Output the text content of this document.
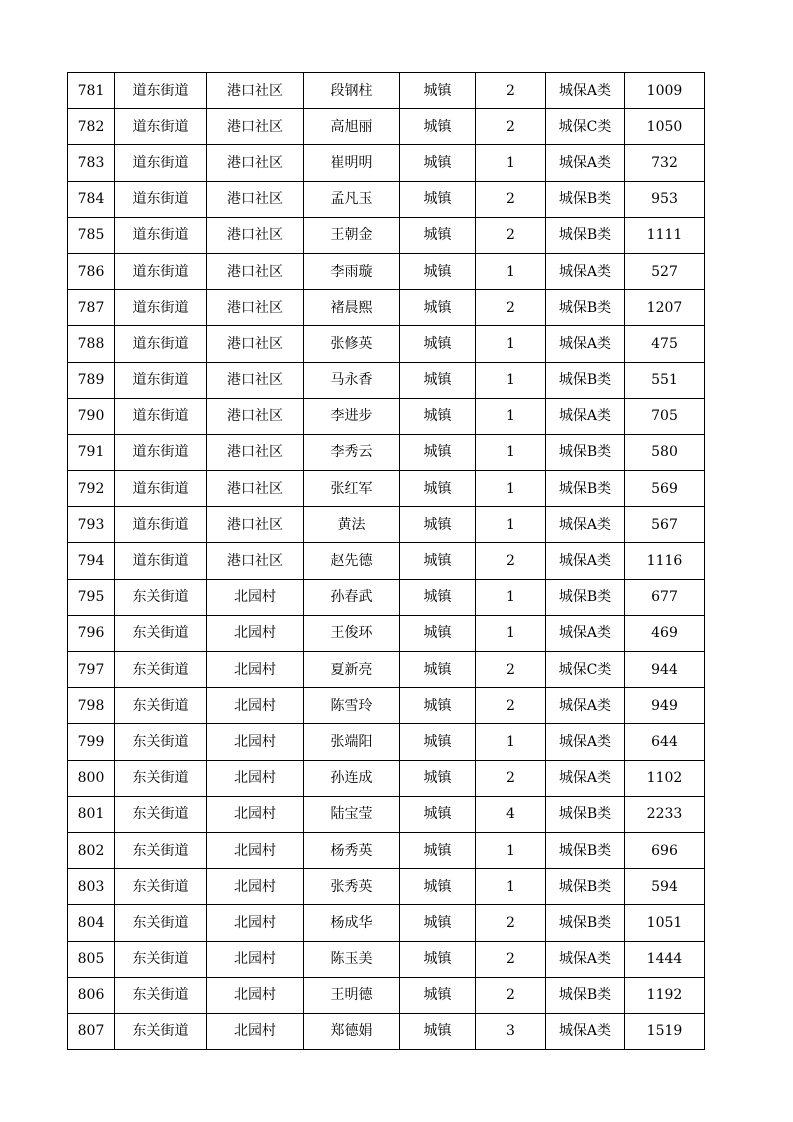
781	道东街道	港口社区	段钢柱	城镇	2	城保A类	1009
782	道东街道	港口社区	高旭丽	城镇	2	城保C类	1050
783	道东街道	港口社区	崔明明	城镇	1	城保A类	732
784	道东街道	港口社区	孟凡玉	城镇	2	城保B类	953
785	道东街道	港口社区	王朝金	城镇	2	城保B类	1111
786	道东街道	港口社区	李雨璇	城镇	1	城保A类	527
787	道东街道	港口社区	褚晨熙	城镇	2	城保B类	1207
788	道东街道	港口社区	张修英	城镇	1	城保A类	475
789	道东街道	港口社区	马永香	城镇	1	城保B类	551
790	道东街道	港口社区	李进步	城镇	1	城保A类	705
791	道东街道	港口社区	李秀云	城镇	1	城保B类	580
792	道东街道	港口社区	张红军	城镇	1	城保B类	569
793	道东街道	港口社区	黄法	城镇	1	城保A类	567
794	道东街道	港口社区	赵先德	城镇	2	城保A类	1116
795	东关街道	北园村	孙春武	城镇	1	城保B类	677
796	东关街道	北园村	王俊环	城镇	1	城保A类	469
797	东关街道	北园村	夏新亮	城镇	2	城保C类	944
798	东关街道	北园村	陈雪玲	城镇	2	城保A类	949
799	东关街道	北园村	张端阳	城镇	1	城保A类	644
800	东关街道	北园村	孙连成	城镇	2	城保A类	1102
801	东关街道	北园村	陆宝莹	城镇	4	城保B类	2233
802	东关街道	北园村	杨秀英	城镇	1	城保B类	696
803	东关街道	北园村	张秀英	城镇	1	城保B类	594
804	东关街道	北园村	杨成华	城镇	2	城保B类	1051
805	东关街道	北园村	陈玉美	城镇	2	城保A类	1444
806	东关街道	北园村	王明德	城镇	2	城保B类	1192
807	东关街道	北园村	郑德娟	城镇	3	城保A类	1519
